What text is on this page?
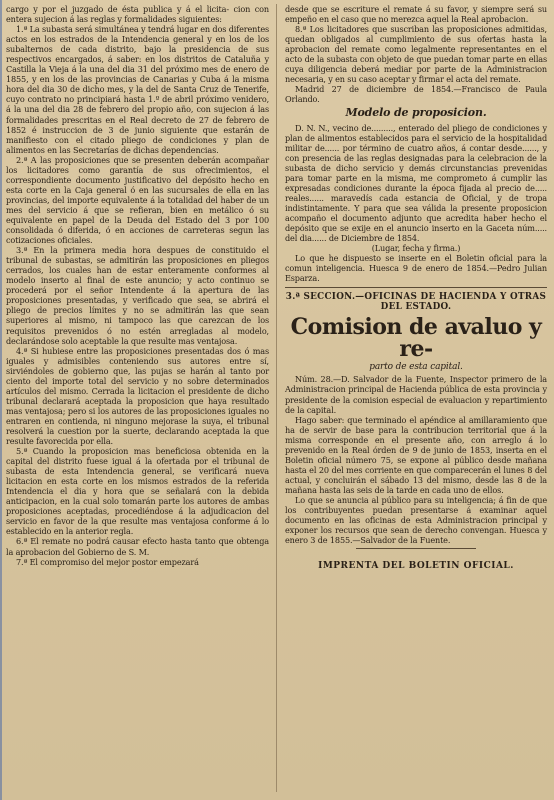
cargo y por el juzgado de ésta publica y á el licita- cion con entera sujecion á las reglas y formalidades siguientes:

1.ª La subasta será simultánea y tendrá lugar en dos diferentes actos en los estrados de la Intendencia general y en los de los subalternos de cada distrito, bajo la presidencia de sus respectivos encargados, á saber: en los distritos de Cataluña y Castilla la Vieja á la una del dia 31 del próximo mes de enero de 1855, y en los de las provincias de Canarias y Cuba á la misma hora del dia 30 de dicho mes, y la del de Santa Cruz de Tenerife, cuyo contrato no principiará hasta 1.º de abril próximo venidero, á la una del dia 28 de febrero del propio año, con sujecion á las formalidades prescritas en el Real decreto de 27 de febrero de 1852 é instruccion de 3 de junio siguiente que estarán de manifiesto con el citado pliego de condiciones y plan de alimentos en las Secretarías de dichas dependencias.

2.ª A las proposiciones que se presenten deberán acompañar los licitadores como garantía de sus ofrecimientos, el correspondiente documento justificativo del depósito hecho en esta corte en la Caja general ó en las sucursales de ella en las provincias, del importe equivalente á la totalidad del haber de un mes del servicio á que se refieran, bien en metálico ó su equivalente en papel de la Deuda del Estado del 3 por 100 consolidada ó diferida, ó en acciones de carreteras segun las cotizaciones oficiales.

3.ª En la primera media hora despues de constituido el tribunal de subastas, se admitirán las proposiciones en pliegos cerrados, los cuales han de estar enteramente conformes al modelo inserto al final de este anuncio; y acto continuo se procederá por el señor Intendente á la apertura de las proposiciones presentadas, y verificado que sea, se abrirá el pliego de precios límites y no se admitirán las que sean superiores al mismo, ni tampoco las que carezcan de los requisitos prevenidos ó no estén arregladas al modelo, declarándose solo aceptable la que resulte mas ventajosa.

4.ª Si hubiese entre las proposiciones presentadas dos ó mas iguales y admisibles conteniendo sus autores entre sí, sirviéndoles de gobierno que, las pujas se harán al tanto por ciento del importe total del servicio y no sobre determinados artículos del mismo. Cerrada la licitacion el presidente de dicho tribunal declarará aceptada la proposicion que haya resultado mas ventajosa; pero si los autores de las proposiciones iguales no entraren en contienda, ni ninguno mejorase la suya, el tribunal resolverá la cuestion por la suerte, declarando aceptada la que resulte favorecida por ella.

5.ª Cuando la proposicion mas beneficiosa obtenida en la capital del distrito fuese igual á la ofertada por el tribunal de subasta de esta Intendencia general, se verificará nueva licitacion en esta corte en los mismos estrados de la referida Intendencia el dia y hora que se señalará con la debida anticipacion, en la cual solo tomarán parte los autores de ambas proposiciones aceptadas, procediéndose á la adjudicacion del servicio en favor de la que resulte mas ventajosa conforme á lo establecido en la anterior regla.

6.ª El remate no podrá causar efecto hasta tanto que obtenga la aprobacion del Gobierno de S. M.

7.ª El compromiso del mejor postor empezará

desde que se escriture el remate á su favor, y siempre será su empeño en el caso que no merezca aquel la Real aprobacion.

8.ª Los licitadores que suscriban las proposiciones admitidas, quedan obligados al cumplimiento de sus ofertas hasta la aprobacion del remate como legalmente representantes en el acto de la subasta con objeto de que puedan tomar parte en ellas cuya diligencia deberá mediar por parte de la Administracion necesaria, y en su caso aceptar y firmar el acta del remate.

Madrid 27 de diciembre de 1854.—Francisco de Paula Orlando.

Modelo de proposicion.

D. N. N., vecino de........., enterado del pliego de condiciones y plan de alimentos establecidos para el servicio de la hospitalidad militar de...... por término de cuatro años, á contar desde......, y con presencia de las reglas designadas para la celebracion de la subasta de dicho servicio y demás circunstancias prevenidas para tomar parte en la misma, me comprometo á cumplir las expresadas condiciones durante la época fijada al precio de..... reales...... maravedís cada estancia de Oficial, y de tropa indistintamente. Y para que sea válida la presente proposicion acompaño el documento adjunto que acredita haber hecho el depósito que se exije en el anuncio inserto en la Gaceta núm..... del dia...... de Diciembre de 1854.

(Lugar, fecha y firma.)

Lo que he dispuesto se inserte en el Boletin oficial para la comun inteligencia. Huesca 9 de enero de 1854.—Pedro Julian Esparza.

3.ª SECCION.—OFICINAS DE HACIENDA Y OTRAS DEL ESTADO.
Comision de avaluo y re-
parto de esta capital.

Núm. 28.—D. Salvador de la Fuente, Inspector primero de la Administracion principal de Hacienda pública de esta provincia y presidente de la comision especial de evaluacion y repartimiento de la capital.

Hago saber: que terminado el apéndice al amillaramiento que ha de servir de base para la contribucion territorial que á la misma corresponde en el presente año, con arreglo á lo prevenido en la Real órden de 9 de junio de 1853, inserta en el Boletin oficial número 75, se expone al público desde mañana hasta el 20 del mes corriente en que comparecerán el lunes 8 del actual, y concluirán el sábado 13 del mismo, desde las 8 de la mañana hasta las seis de la tarde en cada uno de ellos.

Lo que se anuncia al público para su inteligencia; á fin de que los contribuyentes puedan presentarse á examinar aquel documento en las oficinas de esta Administracion principal y exponer los recursos que sean de derecho convengan. Huesca y enero 3 de 1855.—Salvador de la Fuente.

IMPRENTA DEL BOLETIN OFICIAL.
